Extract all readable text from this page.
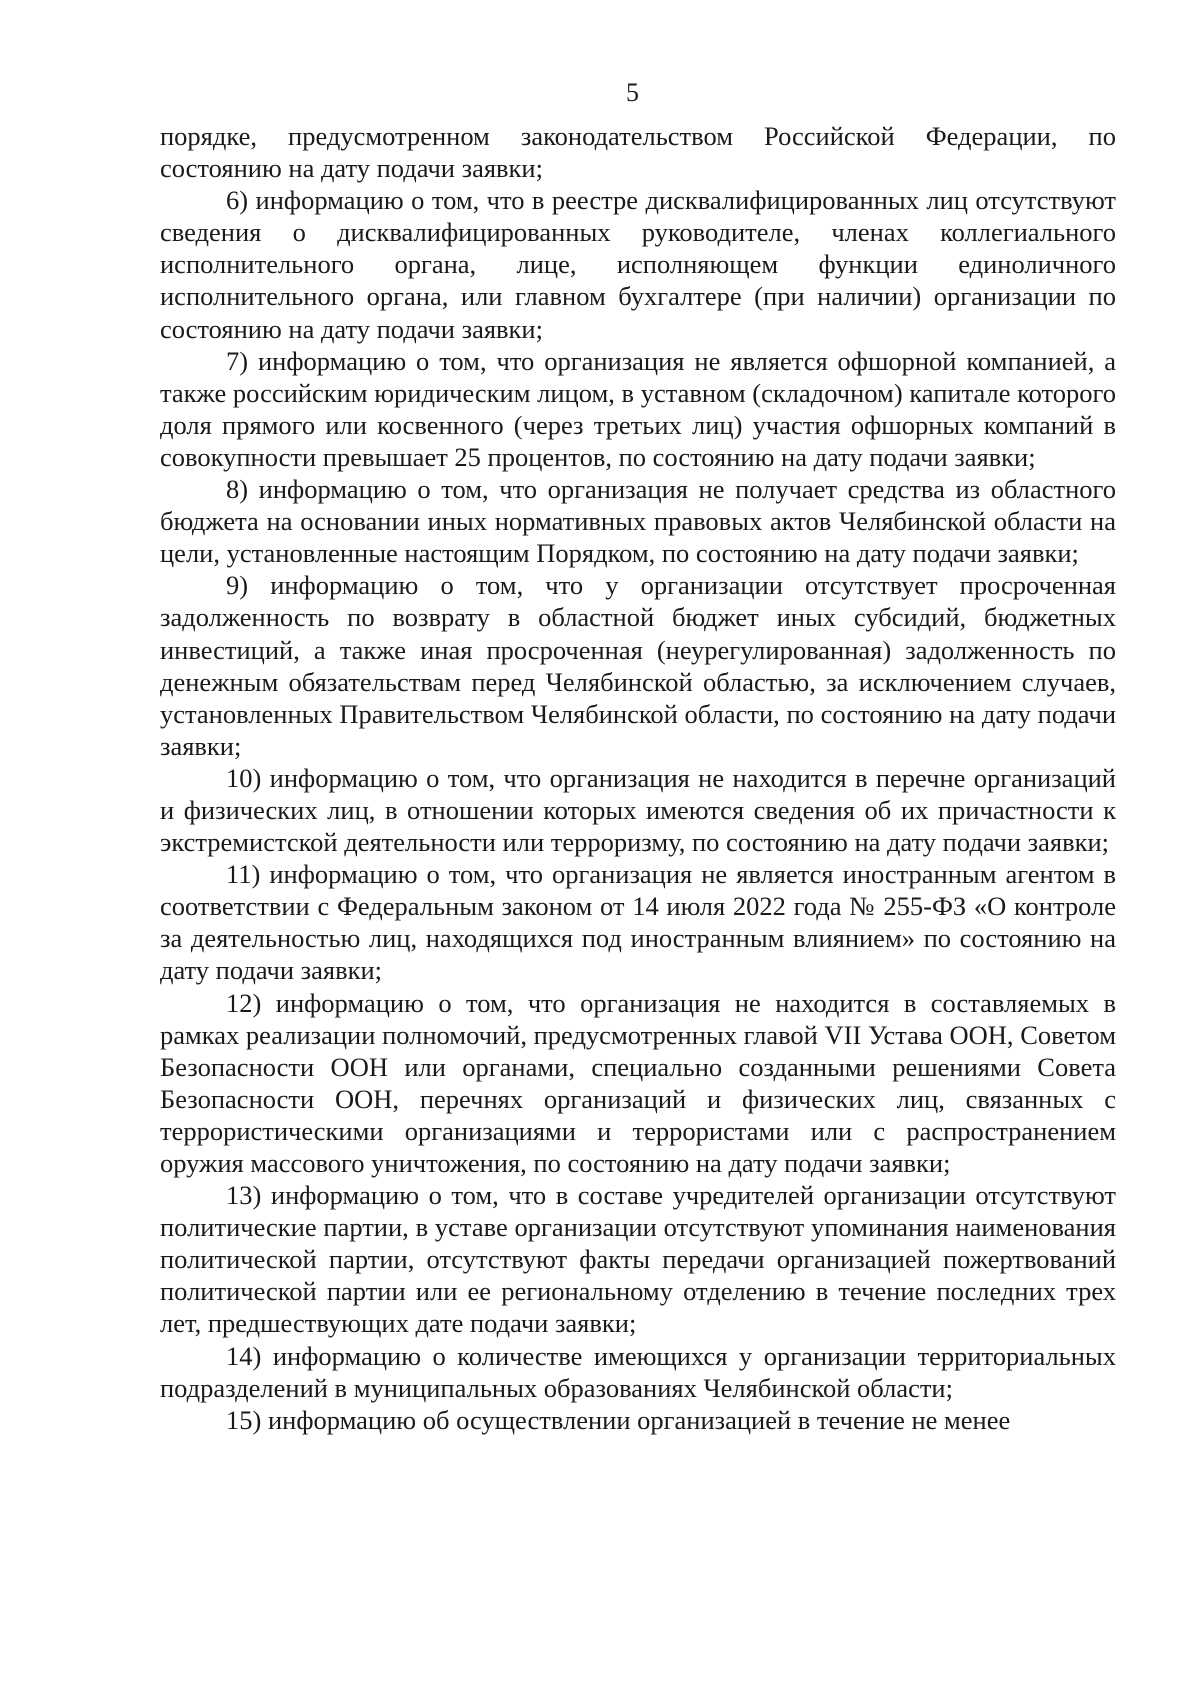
5

порядке, предусмотренном законодательством Российской Федерации, по состоянию на дату подачи заявки;

6) информацию о том, что в реестре дисквалифицированных лиц отсутствуют сведения о дисквалифицированных руководителе, членах коллегиального исполнительного органа, лице, исполняющем функции единоличного исполнительного органа, или главном бухгалтере (при наличии) организации по состоянию на дату подачи заявки;

7) информацию о том, что организация не является офшорной компанией, а также российским юридическим лицом, в уставном (складочном) капитале которого доля прямого или косвенного (через третьих лиц) участия офшорных компаний в совокупности превышает 25 процентов, по состоянию на дату подачи заявки;

8) информацию о том, что организация не получает средства из областного бюджета на основании иных нормативных правовых актов Челябинской области на цели, установленные настоящим Порядком, по состоянию на дату подачи заявки;

9) информацию о том, что у организации отсутствует просроченная задолженность по возврату в областной бюджет иных субсидий, бюджетных инвестиций, а также иная просроченная (неурегулированная) задолженность по денежным обязательствам перед Челябинской областью, за исключением случаев, установленных Правительством Челябинской области, по состоянию на дату подачи заявки;

10) информацию о том, что организация не находится в перечне организаций и физических лиц, в отношении которых имеются сведения об их причастности к экстремистской деятельности или терроризму, по состоянию на дату подачи заявки;

11) информацию о том, что организация не является иностранным агентом в соответствии с Федеральным законом от 14 июля 2022 года № 255-ФЗ «О контроле за деятельностью лиц, находящихся под иностранным влиянием» по состоянию на дату подачи заявки;

12) информацию о том, что организация не находится в составляемых в рамках реализации полномочий, предусмотренных главой VII Устава ООН, Советом Безопасности ООН или органами, специально созданными решениями Совета Безопасности ООН, перечнях организаций и физических лиц, связанных с террористическими организациями и террористами или с распространением оружия массового уничтожения, по состоянию на дату подачи заявки;

13) информацию о том, что в составе учредителей организации отсутствуют политические партии, в уставе организации отсутствуют упоминания наименования политической партии, отсутствуют факты передачи организацией пожертвований политической партии или ее региональному отделению в течение последних трех лет, предшествующих дате подачи заявки;

14) информацию о количестве имеющихся у организации территориальных подразделений в муниципальных образованиях Челябинской области;

15) информацию об осуществлении организацией в течение не менее
